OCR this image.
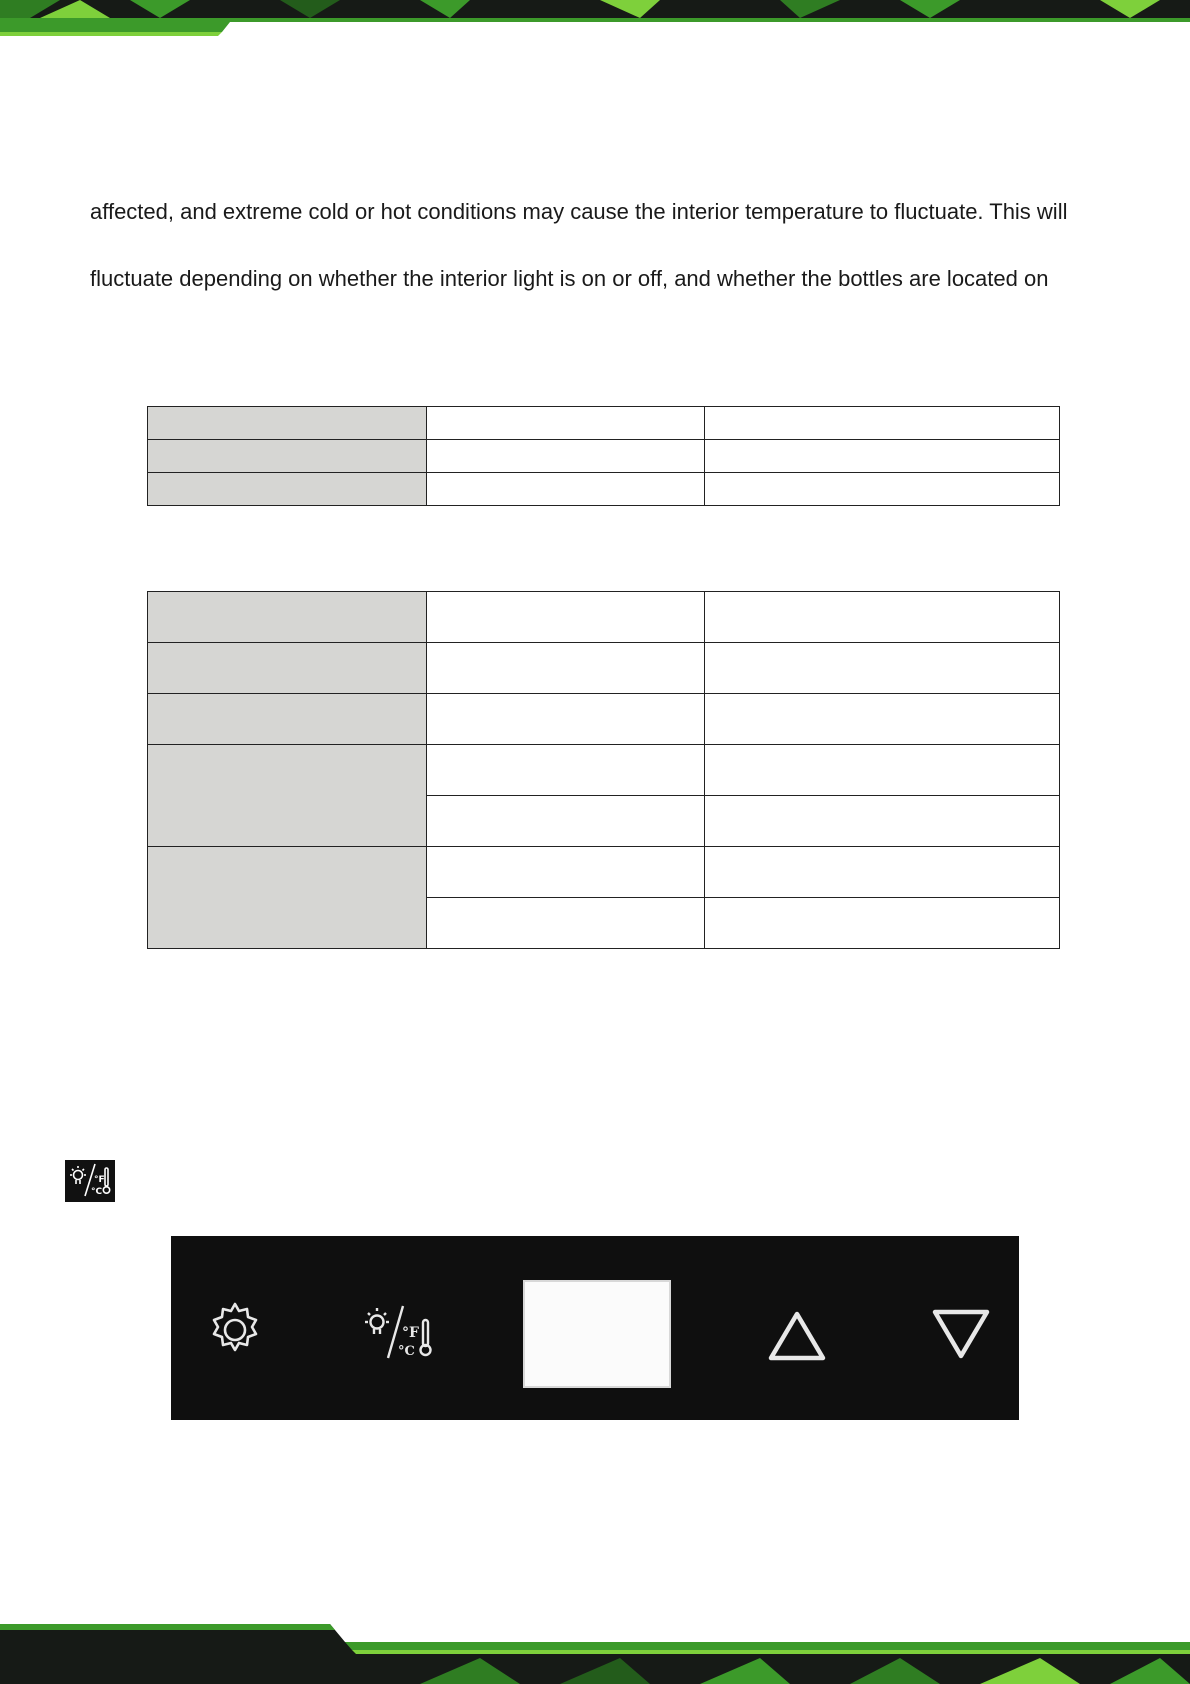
affected, and extreme cold or hot conditions may cause the interior temperature to fluctuate. This will

fluctuate depending on whether the interior light is on or off, and whether the bottles are located on

°F
°C
°F
°C
